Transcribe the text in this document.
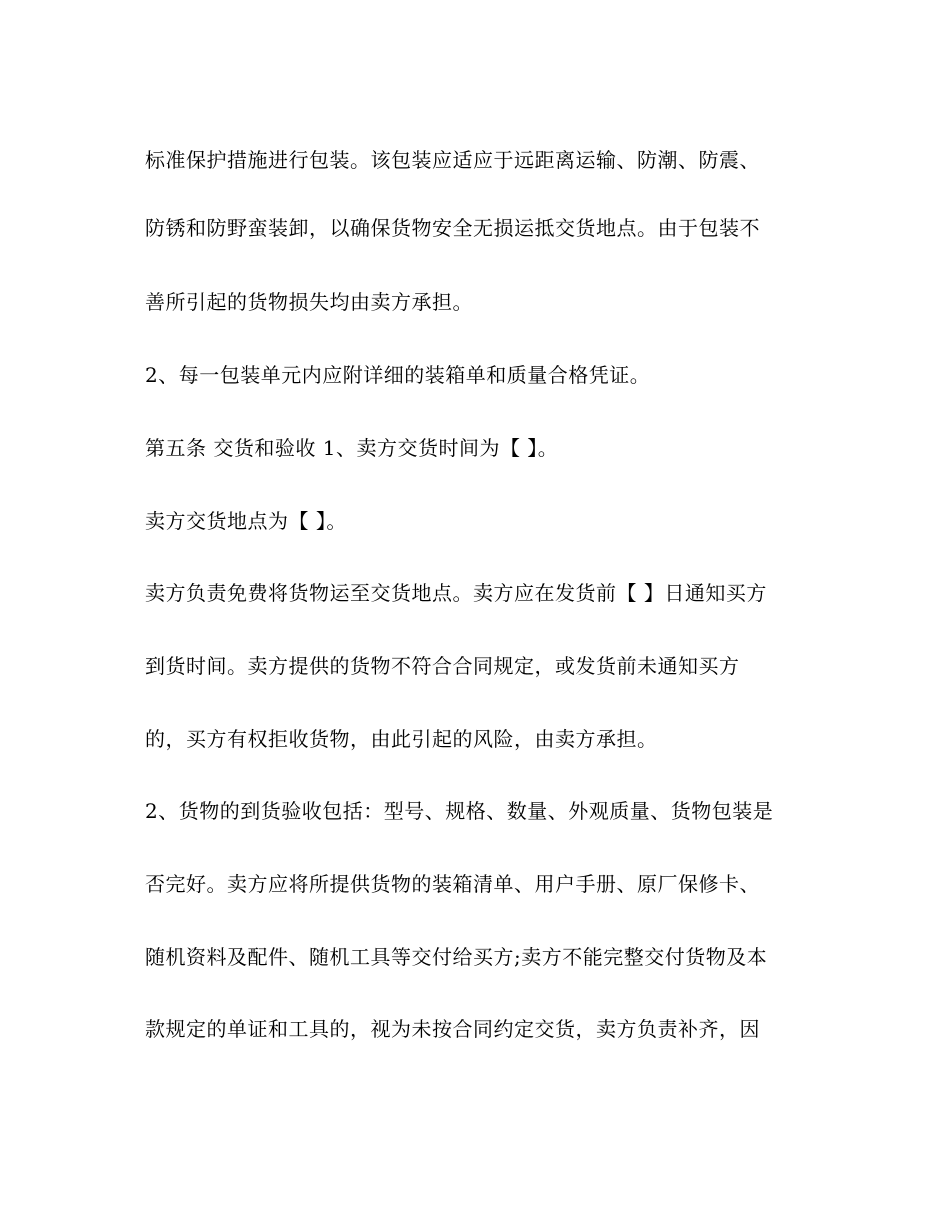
标准保护措施进行包装。该包装应适应于远距离运输、防潮、防震、
防锈和防野蛮装卸，以确保货物安全无损运抵交货地点。由于包装不
善所引起的货物损失均由卖方承担。
2、每一包装单元内应附详细的装箱单和质量合格凭证。
第五条 交货和验收 1、卖方交货时间为【 】。
卖方交货地点为【 】。
卖方负责免费将货物运至交货地点。卖方应在发货前【 】日通知买方
到货时间。卖方提供的货物不符合合同规定，或发货前未通知买方
的，买方有权拒收货物，由此引起的风险，由卖方承担。
2、货物的到货验收包括：型号、规格、数量、外观质量、货物包装是
否完好。卖方应将所提供货物的装箱清单、用户手册、原厂保修卡、
随机资料及配件、随机工具等交付给买方;卖方不能完整交付货物及本
款规定的单证和工具的，视为未按合同约定交货，卖方负责补齐，因
